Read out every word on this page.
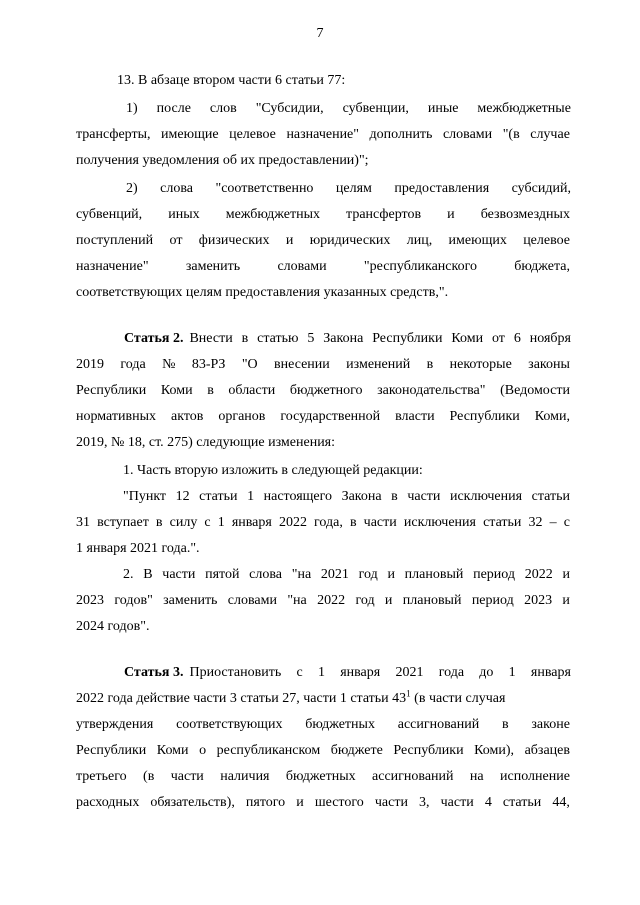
7
13. В абзаце втором части 6 статьи 77:
1) после слов "Субсидии, субвенции, иные межбюджетные
трансферты, имеющие целевое назначение" дополнить словами "(в случае
получения уведомления об их предоставлении)";
2) слова "соответственно целям предоставления субсидий,
субвенций, иных межбюджетных трансфертов и безвозмездных
поступлений от физических и юридических лиц, имеющих целевое
назначение"	заменить	словами	"республиканского	бюджета,
соответствующих целям предоставления указанных средств,".
Статья 2. Внести в статью 5 Закона Республики Коми от 6 ноября
2019 года № 83-РЗ "О внесении изменений в некоторые законы
Республики Коми в области бюджетного законодательства" (Ведомости
нормативных актов органов государственной власти Республики Коми,
2019, № 18, ст. 275) следующие изменения:
1. Часть вторую изложить в следующей редакции:
"Пункт 12 статьи 1 настоящего Закона в части исключения статьи
31 вступает в силу с 1 января 2022 года, в части исключения статьи 32 – с
1 января 2021 года.".
2. В части пятой слова "на 2021 год и плановый период 2022 и
2023 годов" заменить словами "на 2022 год и плановый период 2023 и
2024 годов".
Статья 3. Приостановить с 1 января 2021 года до 1 января
2022 года действие части 3 статьи 27, части 1 статьи $43^1$ (в части случая
утверждения соответствующих бюджетных ассигнований в законе
Республики Коми о республиканском бюджете Республики Коми), абзацев
третьего (в части наличия бюджетных ассигнований на исполнение
расходных обязательств), пятого и шестого части 3, части 4 статьи 44,
